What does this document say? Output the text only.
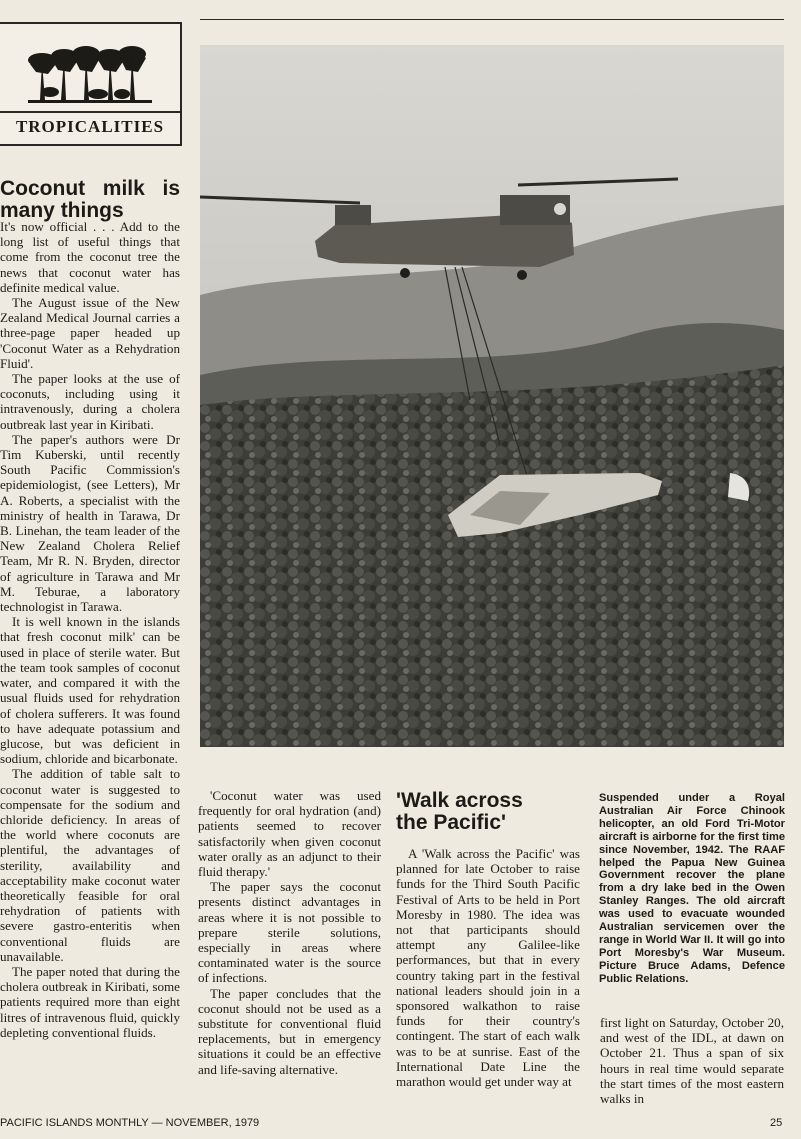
TROPICALITIES
Coconut milk is
many things

It's now official . . . Add to the long list of useful things that come from the coconut tree the news that coconut water has definite medical value.

The August issue of the New Zealand Medical Journal carries a three-page paper headed up 'Coconut Water as a Rehydration Fluid'.

The paper looks at the use of coconuts, including using it intravenously, during a cholera outbreak last year in Kiribati.

The paper's authors were Dr Tim Kuberski, until recently South Pacific Commission's epidemiologist, (see Letters), Mr A. Roberts, a specialist with the ministry of health in Tarawa, Dr B. Linehan, the team leader of the New Zealand Cholera Relief Team, Mr R. N. Bryden, director of agriculture in Tarawa and Mr M. Teburae, a laboratory technologist in Tarawa.

It is well known in the islands that fresh coconut milk' can be used in place of sterile water. But the team took samples of coconut water, and compared it with the usual fluids used for rehydration of cholera sufferers. It was found to have adequate potassium and glucose, but was deficient in sodium, chloride and bicarbonate.

The addition of table salt to coconut water is suggested to compensate for the sodium and chloride deficiency. In areas of the world where coconuts are plentiful, the advantages of sterility, availability and acceptability make coconut water theoretically feasible for oral rehydration of patients with severe gastro-enteritis when conventional fluids are unavailable.

The paper noted that during the cholera outbreak in Kiribati, some patients required more than eight litres of intravenous fluid, quickly depleting conventional fluids.

'Coconut water was used frequently for oral hydration (and) patients seemed to recover satisfactorily when given coconut water orally as an adjunct to their fluid therapy.'

The paper says the coconut presents distinct advantages in areas where it is not possible to prepare sterile solutions, especially in areas where contaminated water is the source of infections.

The paper concludes that the coconut should not be used as a substitute for conventional fluid replacements, but in emergency situations it could be an effective and life-saving alternative.

'Walk across
the Pacific'

A 'Walk across the Pacific' was planned for late October to raise funds for the Third South Pacific Festival of Arts to be held in Port Moresby in 1980. The idea was not that participants should attempt any Galilee-like performances, but that in every country taking part in the festival national leaders should join in a sponsored walkathon to raise funds for their country's contingent. The start of each walk was to be at sunrise. East of the International Date Line the marathon would get under way at

Suspended under a Royal Australian Air Force Chinook helicopter, an old Ford Tri-Motor aircraft is airborne for the first time since November, 1942. The RAAF helped the Papua New Guinea Government recover the plane from a dry lake bed in the Owen Stanley Ranges. The old aircraft was used to evacuate wounded Australian servicemen over the range in World War II. It will go into Port Moresby's War Museum. Picture Bruce Adams, Defence Public Relations.

first light on Saturday, October 20, and west of the IDL, at dawn on October 21. Thus a span of six hours in real time would separate the start times of the most eastern walks in

PACIFIC ISLANDS MONTHLY — NOVEMBER, 1979	25
